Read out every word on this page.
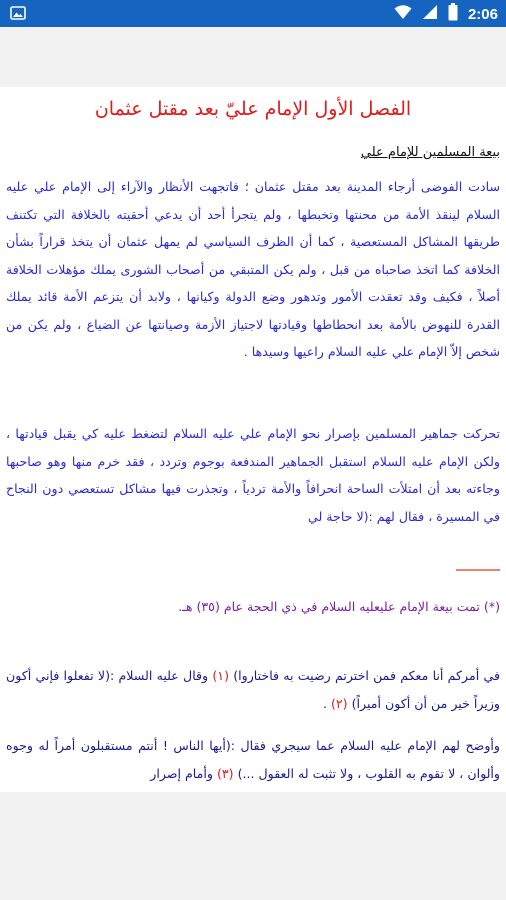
2:06
الفصل الأول الإمام عليّ بعد مقتل عثمان
بيعة المسلمين للإمام علي
سادت الفوضى أرجاء المدينة بعد مقتل عثمان ؛ فاتجهت الأنظار والآراء إلى الإمام علي عليه السلام لينقذ الأمة من محنتها وتخبطها ، ولم يتجرأ أحد أن يدعي أحقيته بالخلافة التي تكتنف طريقها المشاكل المستعصية ، كما أن الظرف السياسي لم يمهل عثمان أن يتخذ قراراً بشأن الخلافة كما اتخذ صاحباه من قبل ، ولم يكن المتبقي من أصحاب الشورى يملك مؤهلات الخلافة أصلاً ، فكيف وقد تعقدت الأمور وتدهور وضع الدولة وكيانها ، ولابد أن يتزعم الأمة قائد يملك القدرة للنهوض بالأمة بعد انحطاطها وقيادتها لاجتياز الأزمة وصيانتها عن الضياع ، ولم يكن من شخص إلاّ الإمام علي عليه السلام راعيها وسيدها .
تحركت جماهير المسلمين بإصرار نحو الإمام علي عليه السلام لتضغط عليه كي يقبل قيادتها ، ولكن الإمام عليه السلام استقبل الجماهير المندفعة بوجوم وتردد ، فقد خرم منها وهو صاحبها وجاءته بعد أن امتلأت الساحة انحرافاً والأمة تردياً ، وتجذرت فيها مشاكل تستعصي دون النجاح في المسيرة ، فقال لهم :(لا حاجة لي
(*) تمت بيعة الإمام عليعليه السلام في ذي الحجة عام (٣٥) هـ.
في أمركم أنا معكم فمن اخترتم رضيت به فاختاروا) (١) وقال عليه السلام :(لا تفعلوا فإني أكون وزيراً خير من أن أكون أميراً) (٢) .
وأوضح لهم الإمام عليه السلام عما سيجري فقال :(أيها الناس ! أنتم مستقبلون أمراً له وجوه وألوان ، لا تقوم به القلوب ، ولا تثبت له العقول ...) (٣) وأمام إصرار
